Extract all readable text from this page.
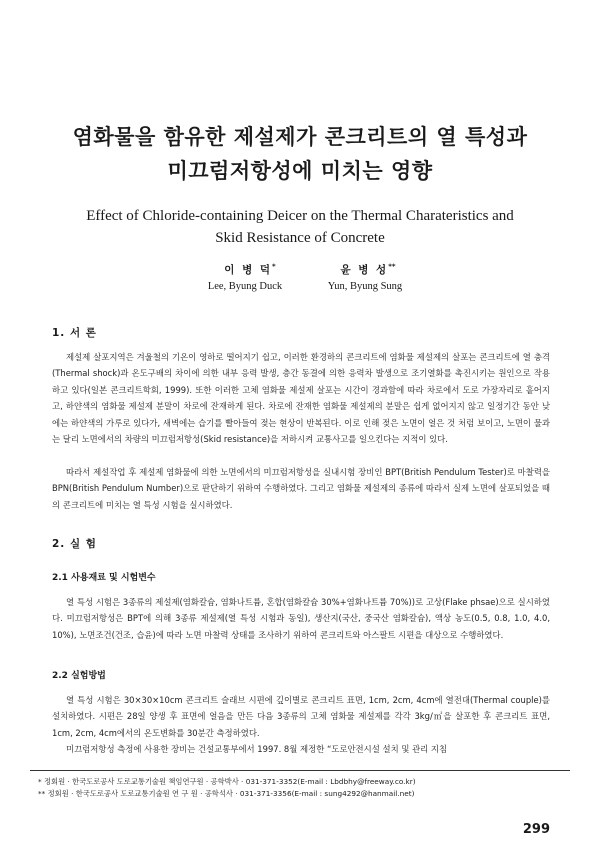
염화물을 함유한 제설제가 콘크리트의 열 특성과
미끄럼저항성에 미치는 영향
Effect of Chloride-containing Deicer on the Thermal Charateristics and
Skid Resistance of Concrete
이 병 덕*	윤 병 성**
Lee, Byung Duck	Yun, Byung Sung
1. 서 론
제설제 살포지역은 겨울철의 기온이 영하로 떨어지기 쉽고, 이러한 환경하의 콘크리트에 염화물 제설제의 살포는 콘크리트에 열 충격(Thermal shock)과 온도구배의 차이에 의한 내부 응력 발생, 층간 동결에 의한 응력차 발생으로 조기열화를 촉진시키는 원인으로 작용하고 있다(일본 콘크리트학회, 1999). 또한 이러한 고체 염화물 제설제 살포는 시간이 경과함에 따라 차로에서 도로 가장자리로 흩어지고, 하얀색의 염화물 제설제 분말이 차로에 잔재하게 된다. 차로에 잔재한 염화물 제설제의 분말은 쉽게 없어지지 않고 일정기간 동안 낮에는 하얀색의 가루로 있다가, 새벽에는 습기를 빨아들여 젖는 현상이 반복된다. 이로 인해 젖은 노면이 얼은 것 처럼 보이고, 노면이 물과는 달리 노면에서의 차량의 미끄럼저항성(Skid resistance)을 저하시켜 교통사고를 일으킨다는 지적이 있다.
따라서 제설작업 후 제설제 염화물에 의한 노면에서의 미끄럼저항성을 실내시험 장비인 BPT(British Pendulum Tester)로 마찰력을 BPN(British Pendulum Number)으로 판단하기 위하여 수행하였다. 그리고 염화물 제설제의 종류에 따라서 실제 노면에 살포되었을 때의 콘크리트에 미치는 열 특성 시험을 실시하였다.
2. 실 험
2.1 사용재료 및 시험변수
열 특성 시험은 3종류의 제설제(염화칼슘, 염화나트륨, 혼합(염화칼슘 30%+염화나트륨 70%))로 고상(Flake phsae)으로 실시하였다. 미끄럼저항성은 BPT에 의해 3종류 제설제(열 특성 시험과 동일), 생산지(국산, 중국산 염화칼슘), 액상 농도(0.5, 0.8, 1.0, 4.0, 10%), 노면조건(건조, 습윤)에 따라 노면 마찰력 상태를 조사하기 위하여 콘크리트와 아스팔트 시편을 대상으로 수행하였다.
2.2 실험방법
열 특성 시험은 30×30×10cm 콘크리트 슬래브 시편에 깊이별로 콘크리트 표면, 1cm, 2cm, 4cm에 열전대(Thermal couple)를 설치하였다. 시편은 28일 양생 후 표면에 얼음을 만든 다음 3종류의 고체 염화물 제설제를 각각 3kg/㎡을 살포한 후 콘크리트 표면, 1cm, 2cm, 4cm에서의 온도변화를 30분간 측정하였다.
미끄럼저항성 측정에 사용한 장비는 건설교통부에서 1997. 8월 제정한 “도로안전시설 설치 및 관리 지침
* 정회원 · 한국도로공사 도로교통기술원 책임연구원 · 공학박사 · 031-371-3352(E-mail : Lbdbhy@freeway.co.kr)
** 정회원 · 한국도로공사 도로교통기술원 연 구 원 · 공학석사 · 031-371-3356(E-mail : sung4292@hanmail.net)
299
